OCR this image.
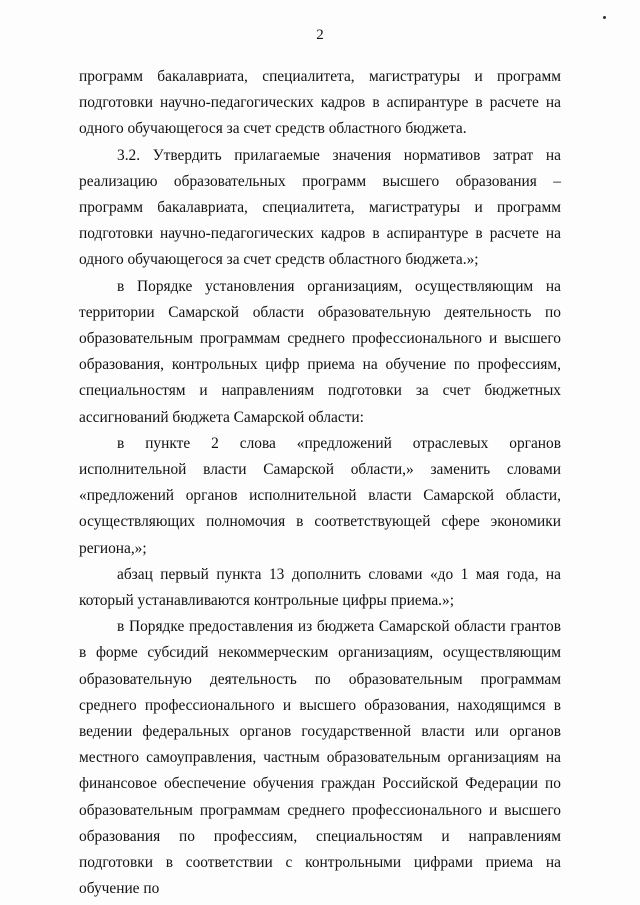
2

программ бакалавриата, специалитета, магистратуры и программ подготовки научно-педагогических кадров в аспирантуре в расчете на одного обучающегося за счет средств областного бюджета.

3.2. Утвердить прилагаемые значения нормативов затрат на реализацию образовательных программ высшего образования – программ бакалавриата, специалитета, магистратуры и программ подготовки научно-педагогических кадров в аспирантуре в расчете на одного обучающегося за счет средств областного бюджета.»;

в Порядке установления организациям, осуществляющим на территории Самарской области образовательную деятельность по образовательным программам среднего профессионального и высшего образования, контрольных цифр приема на обучение по профессиям, специальностям и направлениям подготовки за счет бюджетных ассигнований бюджета Самарской области:

в пункте 2 слова «предложений отраслевых органов исполнительной власти Самарской области,» заменить словами «предложений органов исполнительной власти Самарской области, осуществляющих полномочия в соответствующей сфере экономики региона,»;

абзац первый пункта 13 дополнить словами «до 1 мая года, на который устанавливаются контрольные цифры приема.»;

в Порядке предоставления из бюджета Самарской области грантов в форме субсидий некоммерческим организациям, осуществляющим образовательную деятельность по образовательным программам среднего профессионального и высшего образования, находящимся в ведении федеральных органов государственной власти или органов местного самоуправления, частным образовательным организациям на финансовое обеспечение обучения граждан Российской Федерации по образовательным программам среднего профессионального и высшего образования по профессиям, специальностям и направлениям подготовки в соответствии с контрольными цифрами приема на обучение по
